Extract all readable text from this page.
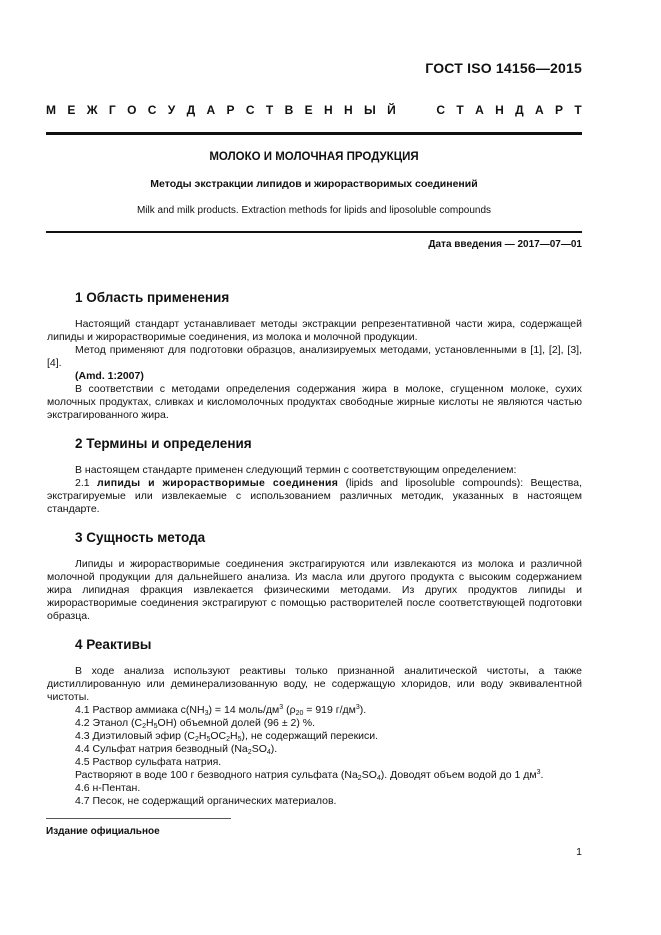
ГОСТ ISO 14156—2015
М Е Ж Г О С У Д А Р С Т В Е Н Н Ы Й	С Т А Н Д А Р Т
МОЛОКО И МОЛОЧНАЯ ПРОДУКЦИЯ
Методы экстракции липидов и жирорастворимых соединений
Milk and milk products. Extraction methods for lipids and liposoluble compounds
Дата введения — 2017—07—01
1 Область применения

Настоящий стандарт устанавливает методы экстракции репрезентативной части жира, содержащей липиды и жирорастворимые соединения, из молока и молочной продукции.

Метод применяют для подготовки образцов, анализируемых методами, установленными в [1], [2], [3], [4].

(Amd. 1:2007)

В соответствии с методами определения содержания жира в молоке, сгущенном молоке, сухих молочных продуктах, сливках и кисломолочных продуктах свободные жирные кислоты не являются частью экстрагированного жира.

2 Термины и определения

В настоящем стандарте применен следующий термин с соответствующим определением:

2.1 липиды и жирорастворимые соединения (lipids and liposoluble compounds): Вещества, экстрагируемые или извлекаемые с использованием различных методик, указанных в настоящем стандарте.

3 Сущность метода

Липиды и жирорастворимые соединения экстрагируются или извлекаются из молока и различной молочной продукции для дальнейшего анализа. Из масла или другого продукта с высоким содержанием жира липидная фракция извлекается физическими методами. Из других продуктов липиды и жирорастворимые соединения экстрагируют с помощью растворителей после соответствующей подготовки образца.

4 Реактивы

В ходе анализа используют реактивы только признанной аналитической чистоты, а также дистиллированную или деминерализованную воду, не содержащую хлоридов, или воду эквивалентной чистоты.

4.1 Раствор аммиака $c(NH_3) = 14$ моль/$дм^3$ ($\rho_{20} = 919$ $г/дм^3$).

4.2 Этанол $(C_2H_5OH)$ объемной долей (96 ± 2) %.

4.3 Диэтиловый эфир $(C_2H_5OC_2H_5)$, не содержащий перекиси.

4.4 Сульфат натрия безводный $(Na_2SO_4)$.

4.5 Раствор сульфата натрия.

Растворяют в воде 100 г безводного натрия сульфата $(Na_2SO_4)$. Доводят объем водой до 1 $дм^3$.

4.6 н-Пентан.

4.7 Песок, не содержащий органических материалов.

Издание официальное
1
